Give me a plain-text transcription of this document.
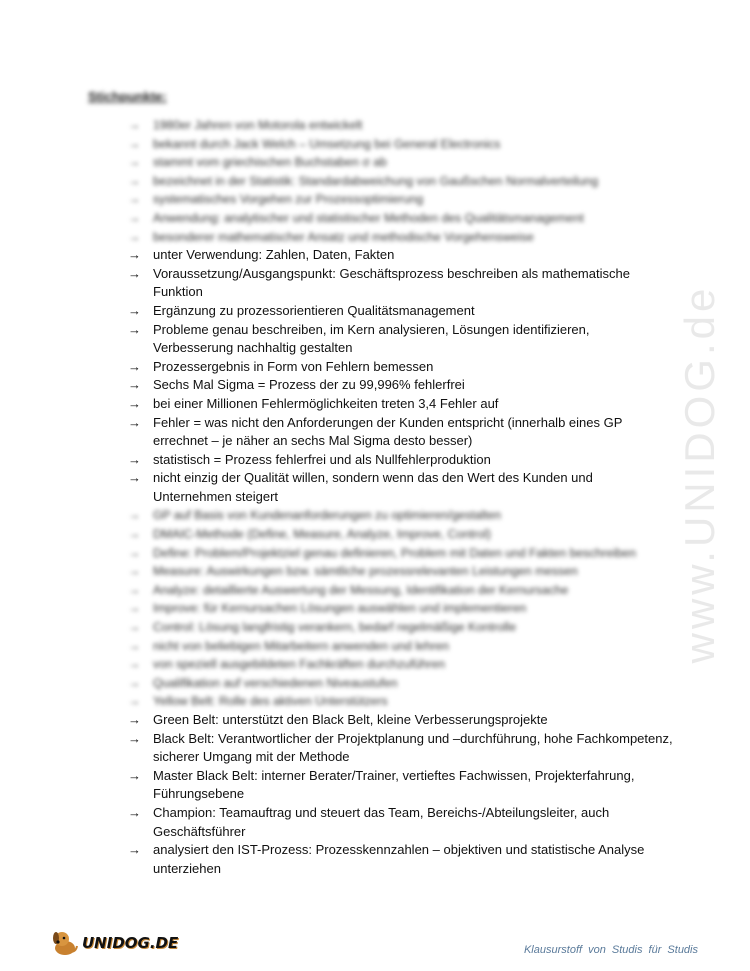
www.UNIDOG.de
Stichpunkte:
→ 1980er Jahren von Motorola entwickelt
→ bekannt durch Jack Welch – Umsetzung bei General Electronics
→ stammt vom griechischen Buchstaben σ ab
→ bezeichnet in der Statistik: Standardabweichung von Gaußschen Normalverteilung
→ systematisches Vorgehen zur Prozessoptimierung
→ Anwendung: analytischer und statistischer Methoden des Qualitätsmanagement
→ besonderer mathematischer Ansatz und methodische Vorgehensweise
→ unter Verwendung: Zahlen, Daten, Fakten
→ Voraussetzung/Ausgangspunkt: Geschäftsprozess beschreiben als mathematische Funktion
→ Ergänzung zu prozessorientieren Qualitätsmanagement
→ Probleme genau beschreiben, im Kern analysieren, Lösungen identifizieren, Verbesserung nachhaltig gestalten
→ Prozessergebnis in Form von Fehlern bemessen
→ Sechs Mal Sigma = Prozess der zu 99,996% fehlerfrei
→ bei einer Millionen Fehlermöglichkeiten treten 3,4 Fehler auf
→ Fehler = was nicht den Anforderungen der Kunden entspricht (innerhalb eines GP errechnet – je näher an sechs Mal Sigma desto besser)
→ statistisch = Prozess fehlerfrei und als Nullfehlerproduktion
→ nicht einzig der Qualität willen, sondern wenn das den Wert des Kunden und Unternehmen steigert
→ GP auf Basis von Kundenanforderungen zu optimieren/gestalten
→ DMAIC-Methode (Define, Measure, Analyze, Improve, Control)
→ Define: Problem/Projektziel genau definieren, Problem mit Daten und Fakten beschreiben
→ Measure: Auswirkungen bzw. sämtliche prozessrelevanten Leistungen messen
→ Analyze: detaillierte Auswertung der Messung, Identifikation der Kernursache
→ Improve: für Kernursachen Lösungen auswählen und implementieren
→ Control: Lösung langfristig verankern, bedarf regelmäßige Kontrolle
→ nicht von beliebigen Mitarbeitern anwenden und lehren
→ von speziell ausgebildeten Fachkräften durchzuführen
→ Qualifikation auf verschiedenen Niveaustufen
→ Yellow Belt: Rolle des aktiven Unterstützers
→ Green Belt: unterstützt den Black Belt, kleine Verbesserungsprojekte
→ Black Belt: Verantwortlicher der Projektplanung und –durchführung, hohe Fachkompetenz, sicherer Umgang mit der Methode
→ Master Black Belt: interner Berater/Trainer, vertieftes Fachwissen, Projekterfahrung, Führungsebene
→ Champion: Teamauftrag und steuert das Team, Bereichs-/Abteilungsleiter, auch Geschäftsführer
→ analysiert den IST-Prozess: Prozesskennzahlen – objektiven und statistische Analyse unterziehen
UNIDOG.DE	Klausurstoff von Studis für Studis
